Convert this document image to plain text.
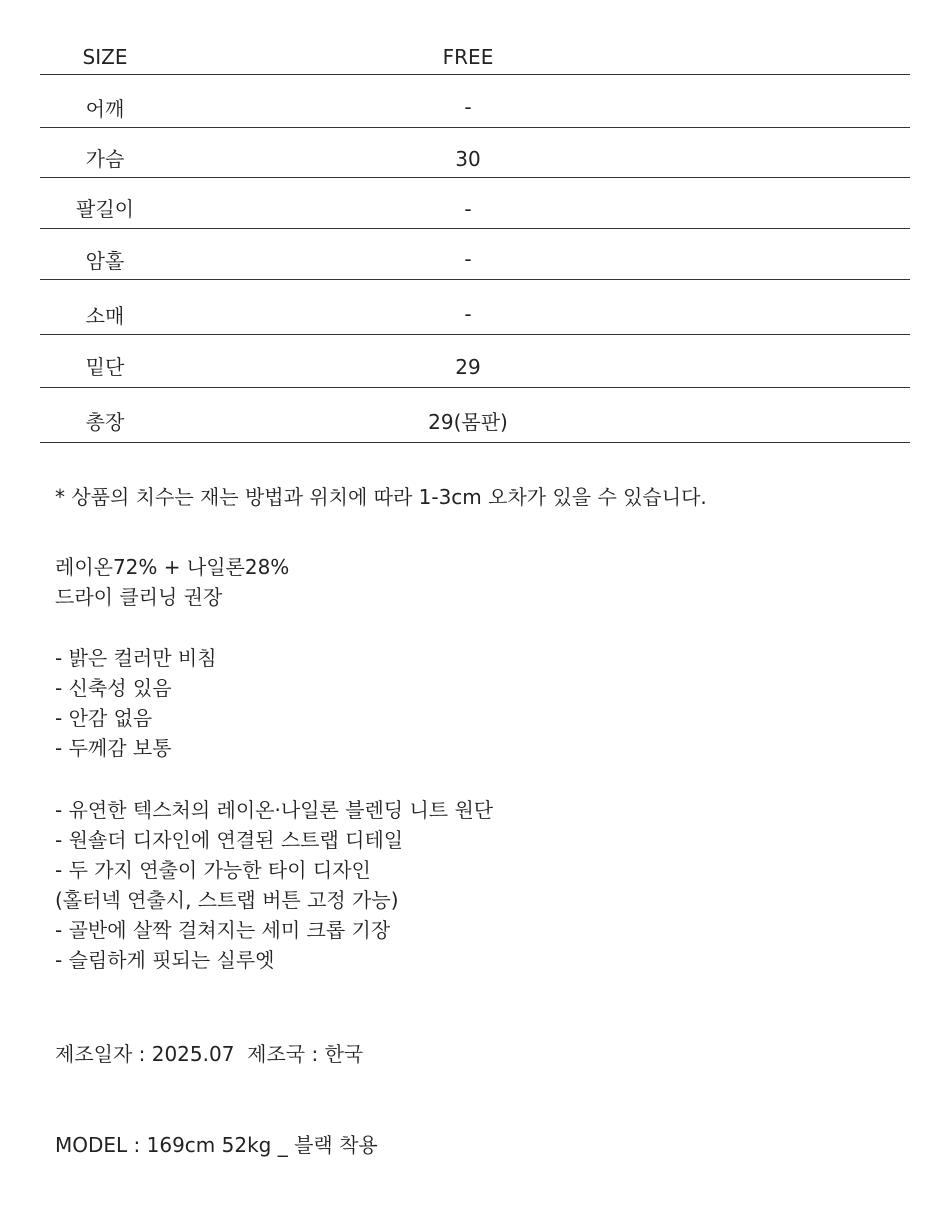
SIZE	FREE
어깨	-
가슴	30
팔길이	-
암홀	-
소매	-
밑단	29
총장	29(몸판)
* 상품의 치수는 재는 방법과 위치에 따라 1-3cm 오차가 있을 수 있습니다.
레이온72% + 나일론28%
드라이 클리닝 권장
- 밝은 컬러만 비침
- 신축성 있음
- 안감 없음
- 두께감 보통
- 유연한 텍스처의 레이온·나일론 블렌딩 니트 원단
- 원숄더 디자인에 연결된 스트랩 디테일
- 두 가지 연출이 가능한 타이 디자인
(홀터넥 연출시, 스트랩 버튼 고정 가능)
- 골반에 살짝 걸쳐지는 세미 크롭 기장
- 슬림하게 핏되는 실루엣
제조일자 : 2025.07  제조국 : 한국
MODEL : 169cm 52kg _ 블랙 착용
